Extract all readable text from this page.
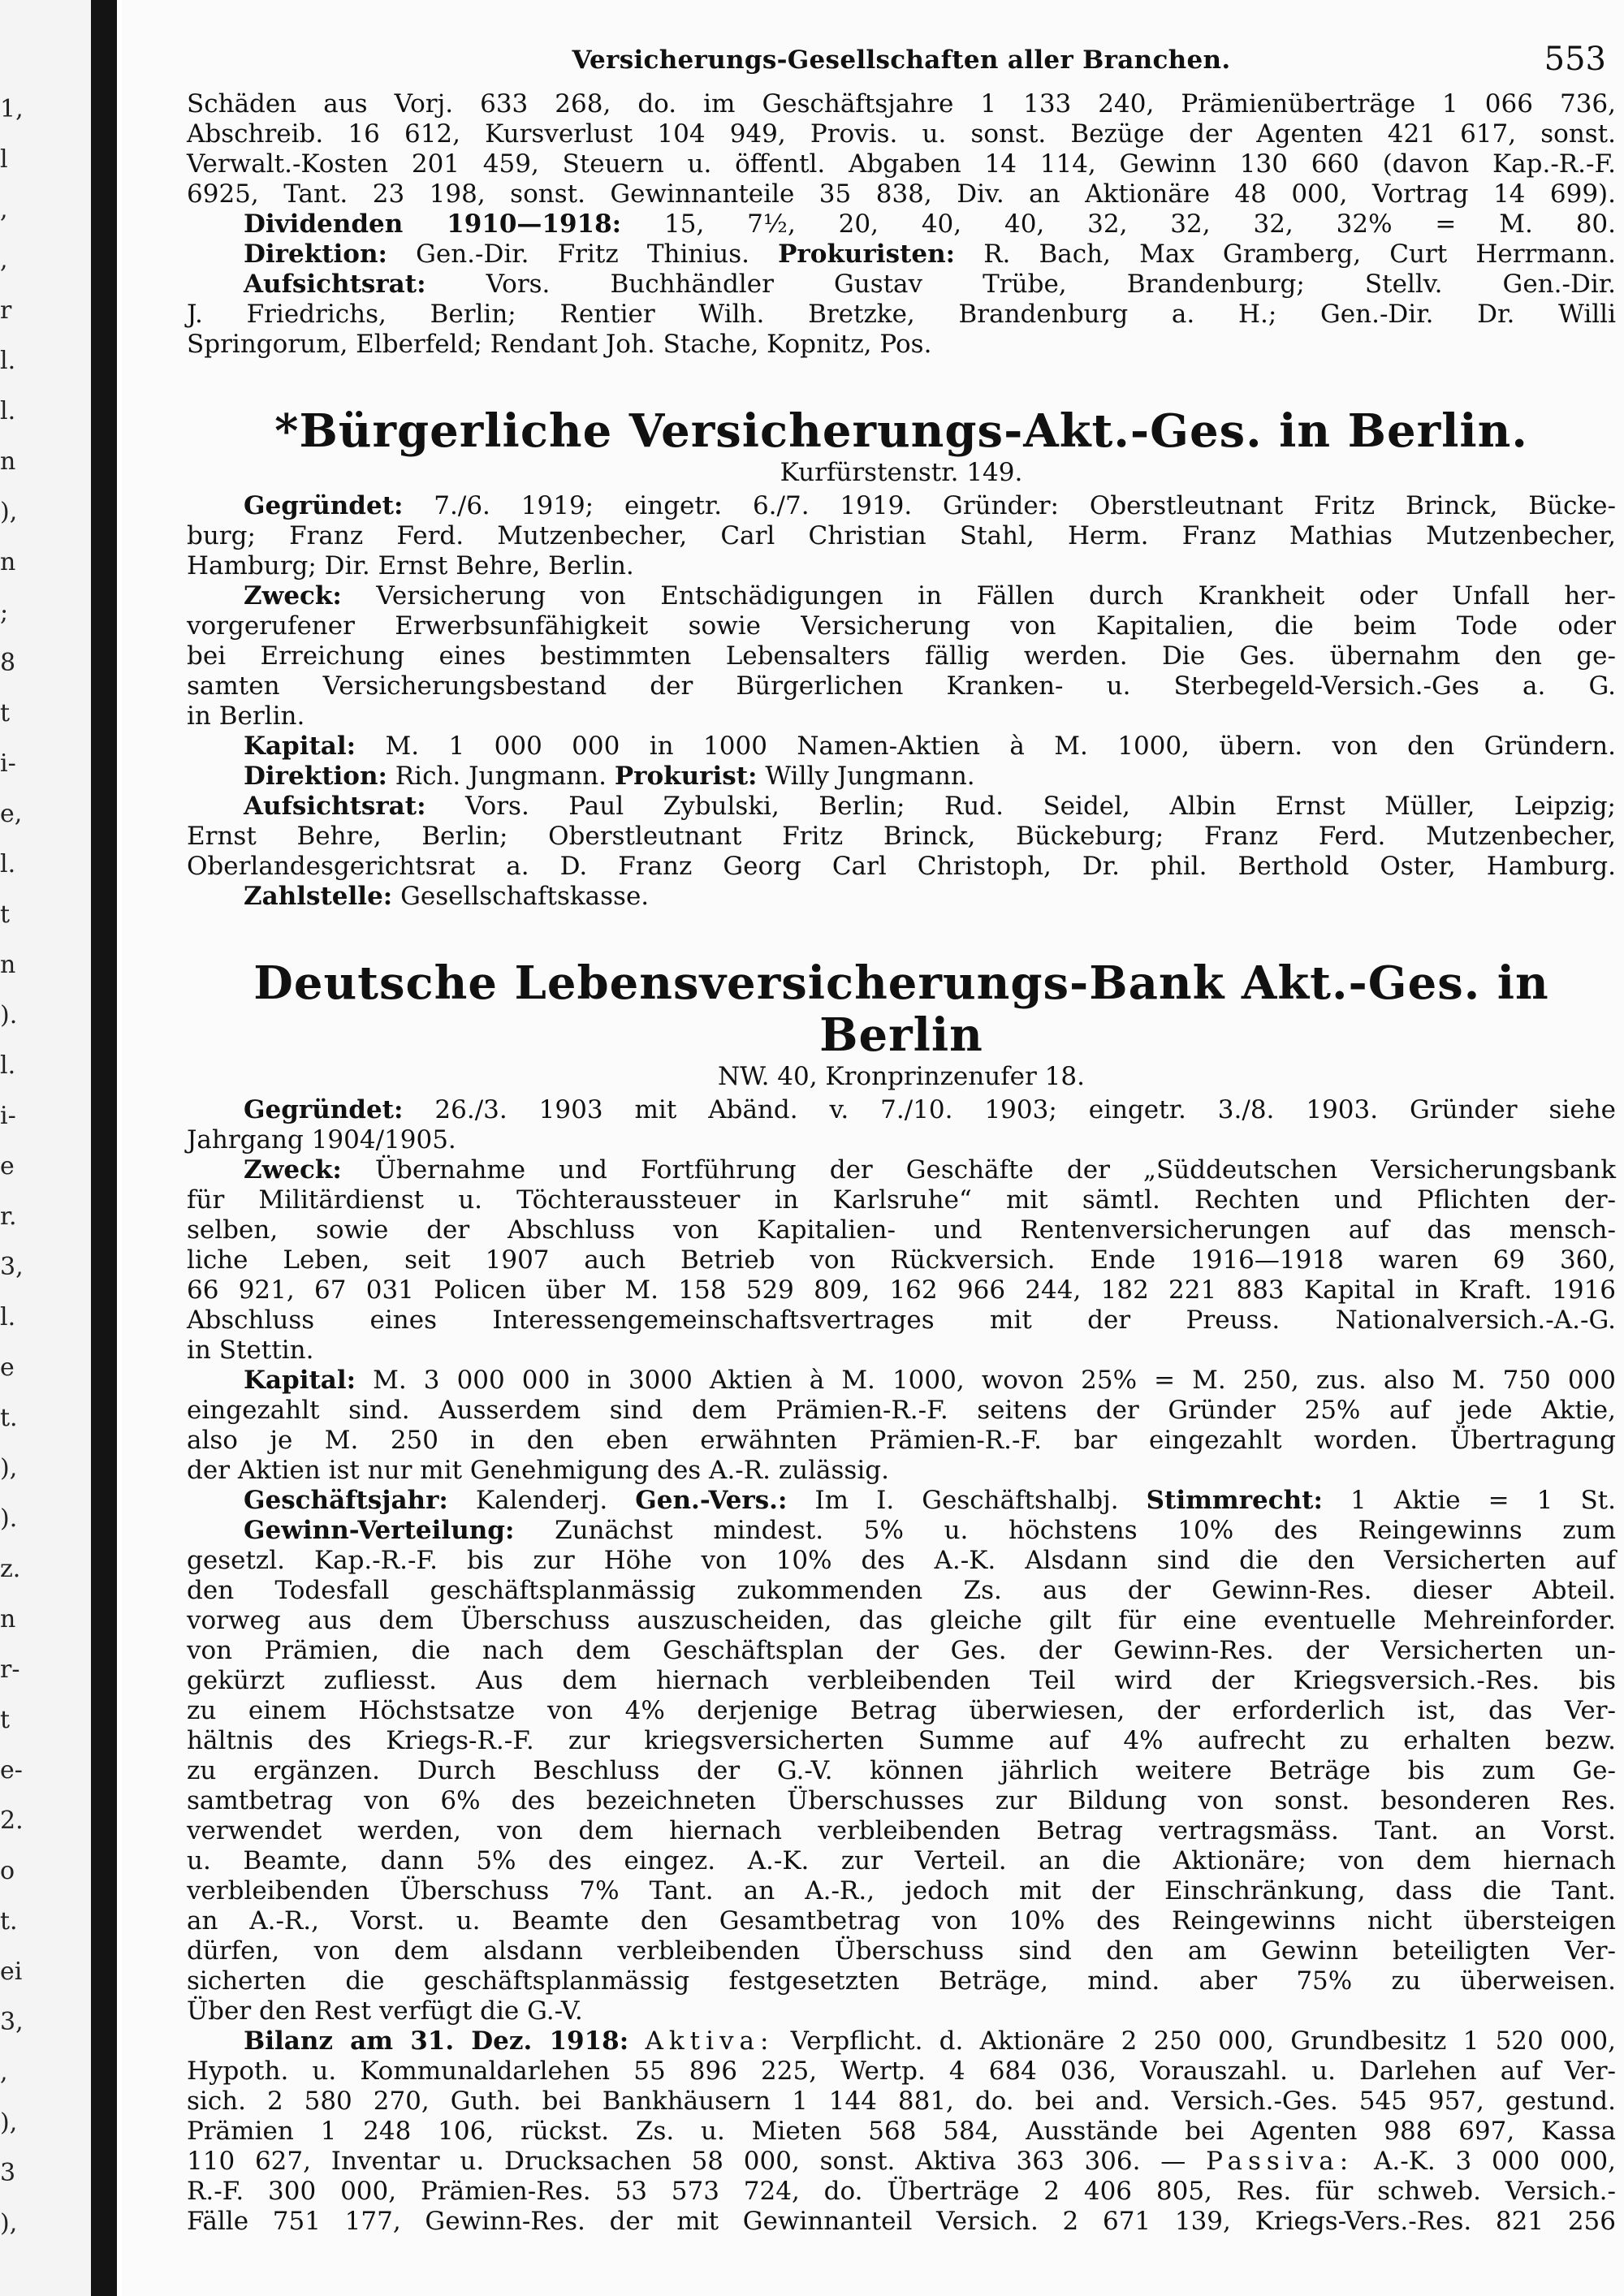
1,
l
,
,
r
l.
l.
n
),
n
;
8
t
i-
e,
l.
t
n
).
l.
i-
e
r.
3,
l.
e
t.
),
).
z.
n
r-
t
e-
2.
o
t.
ei
3,
,
),
3
),
Versicherungs-Gesellschaften aller Branchen.	553

Schäden aus Vorj. 633 268, do. im Geschäftsjahre 1 133 240, Prämienüberträge 1 066 736,

Abschreib. 16 612, Kursverlust 104 949, Provis. u. sonst. Bezüge der Agenten 421 617, sonst.

Verwalt.-Kosten 201 459, Steuern u. öffentl. Abgaben 14 114, Gewinn 130 660 (davon Kap.-R.-F.

6925, Tant. 23 198, sonst. Gewinnanteile 35 838, Div. an Aktionäre 48 000, Vortrag 14 699).

Dividenden 1910—1918: 15, 7½, 20, 40, 40, 32, 32, 32, 32% = M. 80.

Direktion: Gen.-Dir. Fritz Thinius. Prokuristen: R. Bach, Max Gramberg, Curt Herrmann.

Aufsichtsrat: Vors. Buchhändler Gustav Trübe, Brandenburg; Stellv. Gen.-Dir.

J. Friedrichs, Berlin; Rentier Wilh. Bretzke, Brandenburg a. H.; Gen.-Dir. Dr. Willi

Springorum, Elberfeld; Rendant Joh. Stache, Kopnitz, Pos.

*Bürgerliche Versicherungs-Akt.-Ges. in Berlin.
Kurfürstenstr. 149.

Gegründet: 7./6. 1919; eingetr. 6./7. 1919. Gründer: Oberstleutnant Fritz Brinck, Bücke-

burg; Franz Ferd. Mutzenbecher, Carl Christian Stahl, Herm. Franz Mathias Mutzenbecher,

Hamburg; Dir. Ernst Behre, Berlin.

Zweck: Versicherung von Entschädigungen in Fällen durch Krankheit oder Unfall her-

vorgerufener Erwerbsunfähigkeit sowie Versicherung von Kapitalien, die beim Tode oder

bei Erreichung eines bestimmten Lebensalters fällig werden. Die Ges. übernahm den ge-

samten Versicherungsbestand der Bürgerlichen Kranken- u. Sterbegeld-Versich.-Ges a. G.

in Berlin.

Kapital: M. 1 000 000 in 1000 Namen-Aktien à M. 1000, übern. von den Gründern.

Direktion: Rich. Jungmann. Prokurist: Willy Jungmann.

Aufsichtsrat: Vors. Paul Zybulski, Berlin; Rud. Seidel, Albin Ernst Müller, Leipzig;

Ernst Behre, Berlin; Oberstleutnant Fritz Brinck, Bückeburg; Franz Ferd. Mutzenbecher,

Oberlandesgerichtsrat a. D. Franz Georg Carl Christoph, Dr. phil. Berthold Oster, Hamburg.

Zahlstelle: Gesellschaftskasse.

Deutsche Lebensversicherungs-Bank Akt.-Ges. in Berlin
NW. 40, Kronprinzenufer 18.

Gegründet: 26./3. 1903 mit Abänd. v. 7./10. 1903; eingetr. 3./8. 1903. Gründer siehe

Jahrgang 1904/1905.

Zweck: Übernahme und Fortführung der Geschäfte der „Süddeutschen Versicherungsbank

für Militärdienst u. Töchteraussteuer in Karlsruhe“ mit sämtl. Rechten und Pflichten der-

selben, sowie der Abschluss von Kapitalien- und Rentenversicherungen auf das mensch-

liche Leben, seit 1907 auch Betrieb von Rückversich. Ende 1916—1918 waren 69 360,

66 921, 67 031 Policen über M. 158 529 809, 162 966 244, 182 221 883 Kapital in Kraft. 1916

Abschluss eines Interessengemeinschaftsvertrages mit der Preuss. Nationalversich.-A.-G.

in Stettin.

Kapital: M. 3 000 000 in 3000 Aktien à M. 1000, wovon 25% = M. 250, zus. also M. 750 000

eingezahlt sind. Ausserdem sind dem Prämien-R.-F. seitens der Gründer 25% auf jede Aktie,

also je M. 250 in den eben erwähnten Prämien-R.-F. bar eingezahlt worden. Übertragung

der Aktien ist nur mit Genehmigung des A.-R. zulässig.

Geschäftsjahr: Kalenderj. Gen.-Vers.: Im I. Geschäftshalbj. Stimmrecht: 1 Aktie = 1 St.

Gewinn-Verteilung: Zunächst mindest. 5% u. höchstens 10% des Reingewinns zum

gesetzl. Kap.-R.-F. bis zur Höhe von 10% des A.-K. Alsdann sind die den Versicherten auf

den Todesfall geschäftsplanmässig zukommenden Zs. aus der Gewinn-Res. dieser Abteil.

vorweg aus dem Überschuss auszuscheiden, das gleiche gilt für eine eventuelle Mehreinforder.

von Prämien, die nach dem Geschäftsplan der Ges. der Gewinn-Res. der Versicherten un-

gekürzt zufliesst. Aus dem hiernach verbleibenden Teil wird der Kriegsversich.-Res. bis

zu einem Höchstsatze von 4% derjenige Betrag überwiesen, der erforderlich ist, das Ver-

hältnis des Kriegs-R.-F. zur kriegsversicherten Summe auf 4% aufrecht zu erhalten bezw.

zu ergänzen. Durch Beschluss der G.-V. können jährlich weitere Beträge bis zum Ge-

samtbetrag von 6% des bezeichneten Überschusses zur Bildung von sonst. besonderen Res.

verwendet werden, von dem hiernach verbleibenden Betrag vertragsmäss. Tant. an Vorst.

u. Beamte, dann 5% des eingez. A.-K. zur Verteil. an die Aktionäre; von dem hiernach

verbleibenden Überschuss 7% Tant. an A.-R., jedoch mit der Einschränkung, dass die Tant.

an A.-R., Vorst. u. Beamte den Gesamtbetrag von 10% des Reingewinns nicht übersteigen

dürfen, von dem alsdann verbleibenden Überschuss sind den am Gewinn beteiligten Ver-

sicherten die geschäftsplanmässig festgesetzten Beträge, mind. aber 75% zu überweisen.

Über den Rest verfügt die G.-V.

Bilanz am 31. Dez. 1918: Aktiva: Verpflicht. d. Aktionäre 2 250 000, Grundbesitz 1 520 000,

Hypoth. u. Kommunaldarlehen 55 896 225, Wertp. 4 684 036, Vorauszahl. u. Darlehen auf Ver-

sich. 2 580 270, Guth. bei Bankhäusern 1 144 881, do. bei and. Versich.-Ges. 545 957, gestund.

Prämien 1 248 106, rückst. Zs. u. Mieten 568 584, Ausstände bei Agenten 988 697, Kassa

110 627, Inventar u. Drucksachen 58 000, sonst. Aktiva 363 306. — Passiva: A.-K. 3 000 000,

R.-F. 300 000, Prämien-Res. 53 573 724, do. Überträge 2 406 805, Res. für schweb. Versich.-

Fälle 751 177, Gewinn-Res. der mit Gewinnanteil Versich. 2 671 139, Kriegs-Vers.-Res. 821 256
